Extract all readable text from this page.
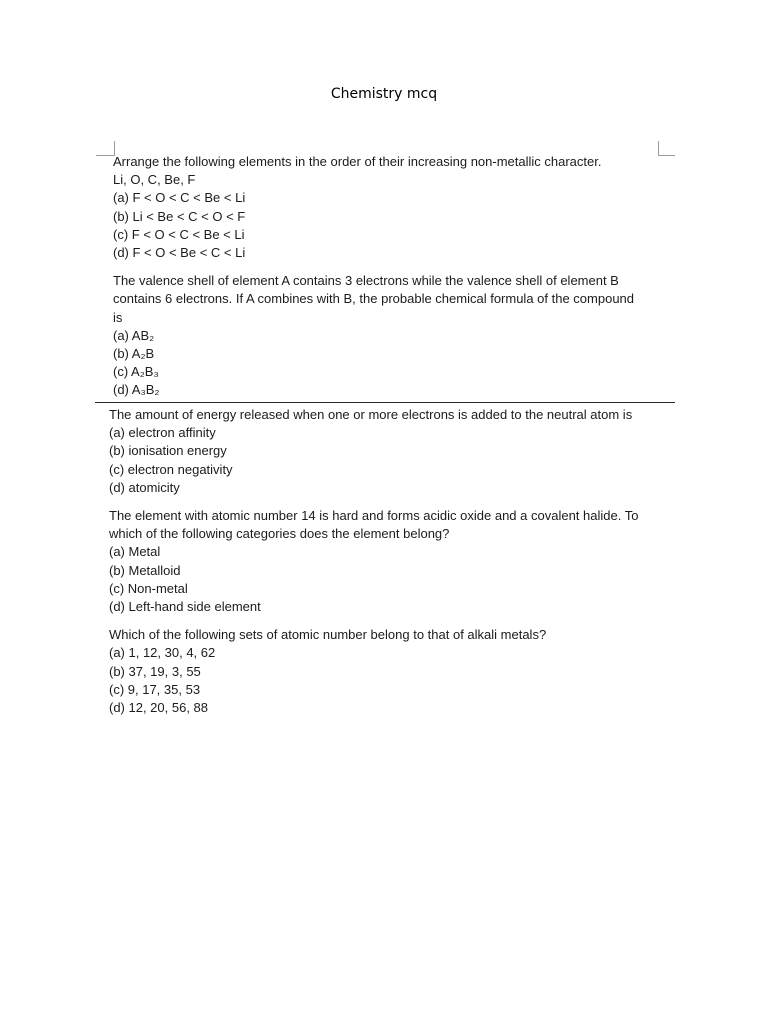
Chemistry mcq
Arrange the following elements in the order of their increasing non-metallic character.
Li, O, C, Be, F
(a) F < O < C < Be < Li
(b) Li < Be < C < O < F
(c) F < O < C < Be < Li
(d) F < O < Be < C < Li
The valence shell of element A contains 3 electrons while the valence shell of element B
contains 6 electrons. If A combines with B, the probable chemical formula of the compound
is
(a) AB₂
(b) A₂B
(c) A₂B₃
(d) A₃B₂
The amount of energy released when one or more electrons is added to the neutral atom is
(a) electron affinity
(b) ionisation energy
(c) electron negativity
(d) atomicity
The element with atomic number 14 is hard and forms acidic oxide and a covalent halide. To
which of the following categories does the element belong?
(a) Metal
(b) Metalloid
(c) Non-metal
(d) Left-hand side element
Which of the following sets of atomic number belong to that of alkali metals?
(a) 1, 12, 30, 4, 62
(b) 37, 19, 3, 55
(c) 9, 17, 35, 53
(d) 12, 20, 56, 88
